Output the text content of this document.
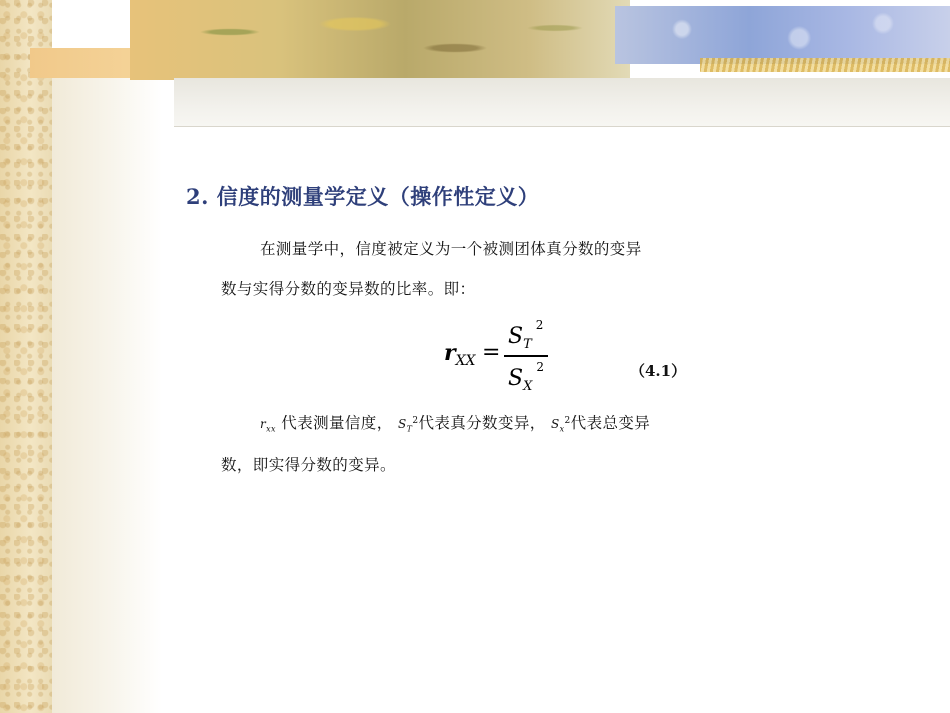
2. 信度的测量学定义（操作性定义）
在测量学中，信度被定义为一个被测团体真分数的变异
数与实得分数的变异数的比率。即：
$r_{XX}$ =
$S_T^2$
$S_X^2$	（4.1）
$r_{xx}$ 代表测量信度， $S_T^2$代表真分数变异， $S_x^2$代表总变异
数，即实得分数的变异。
